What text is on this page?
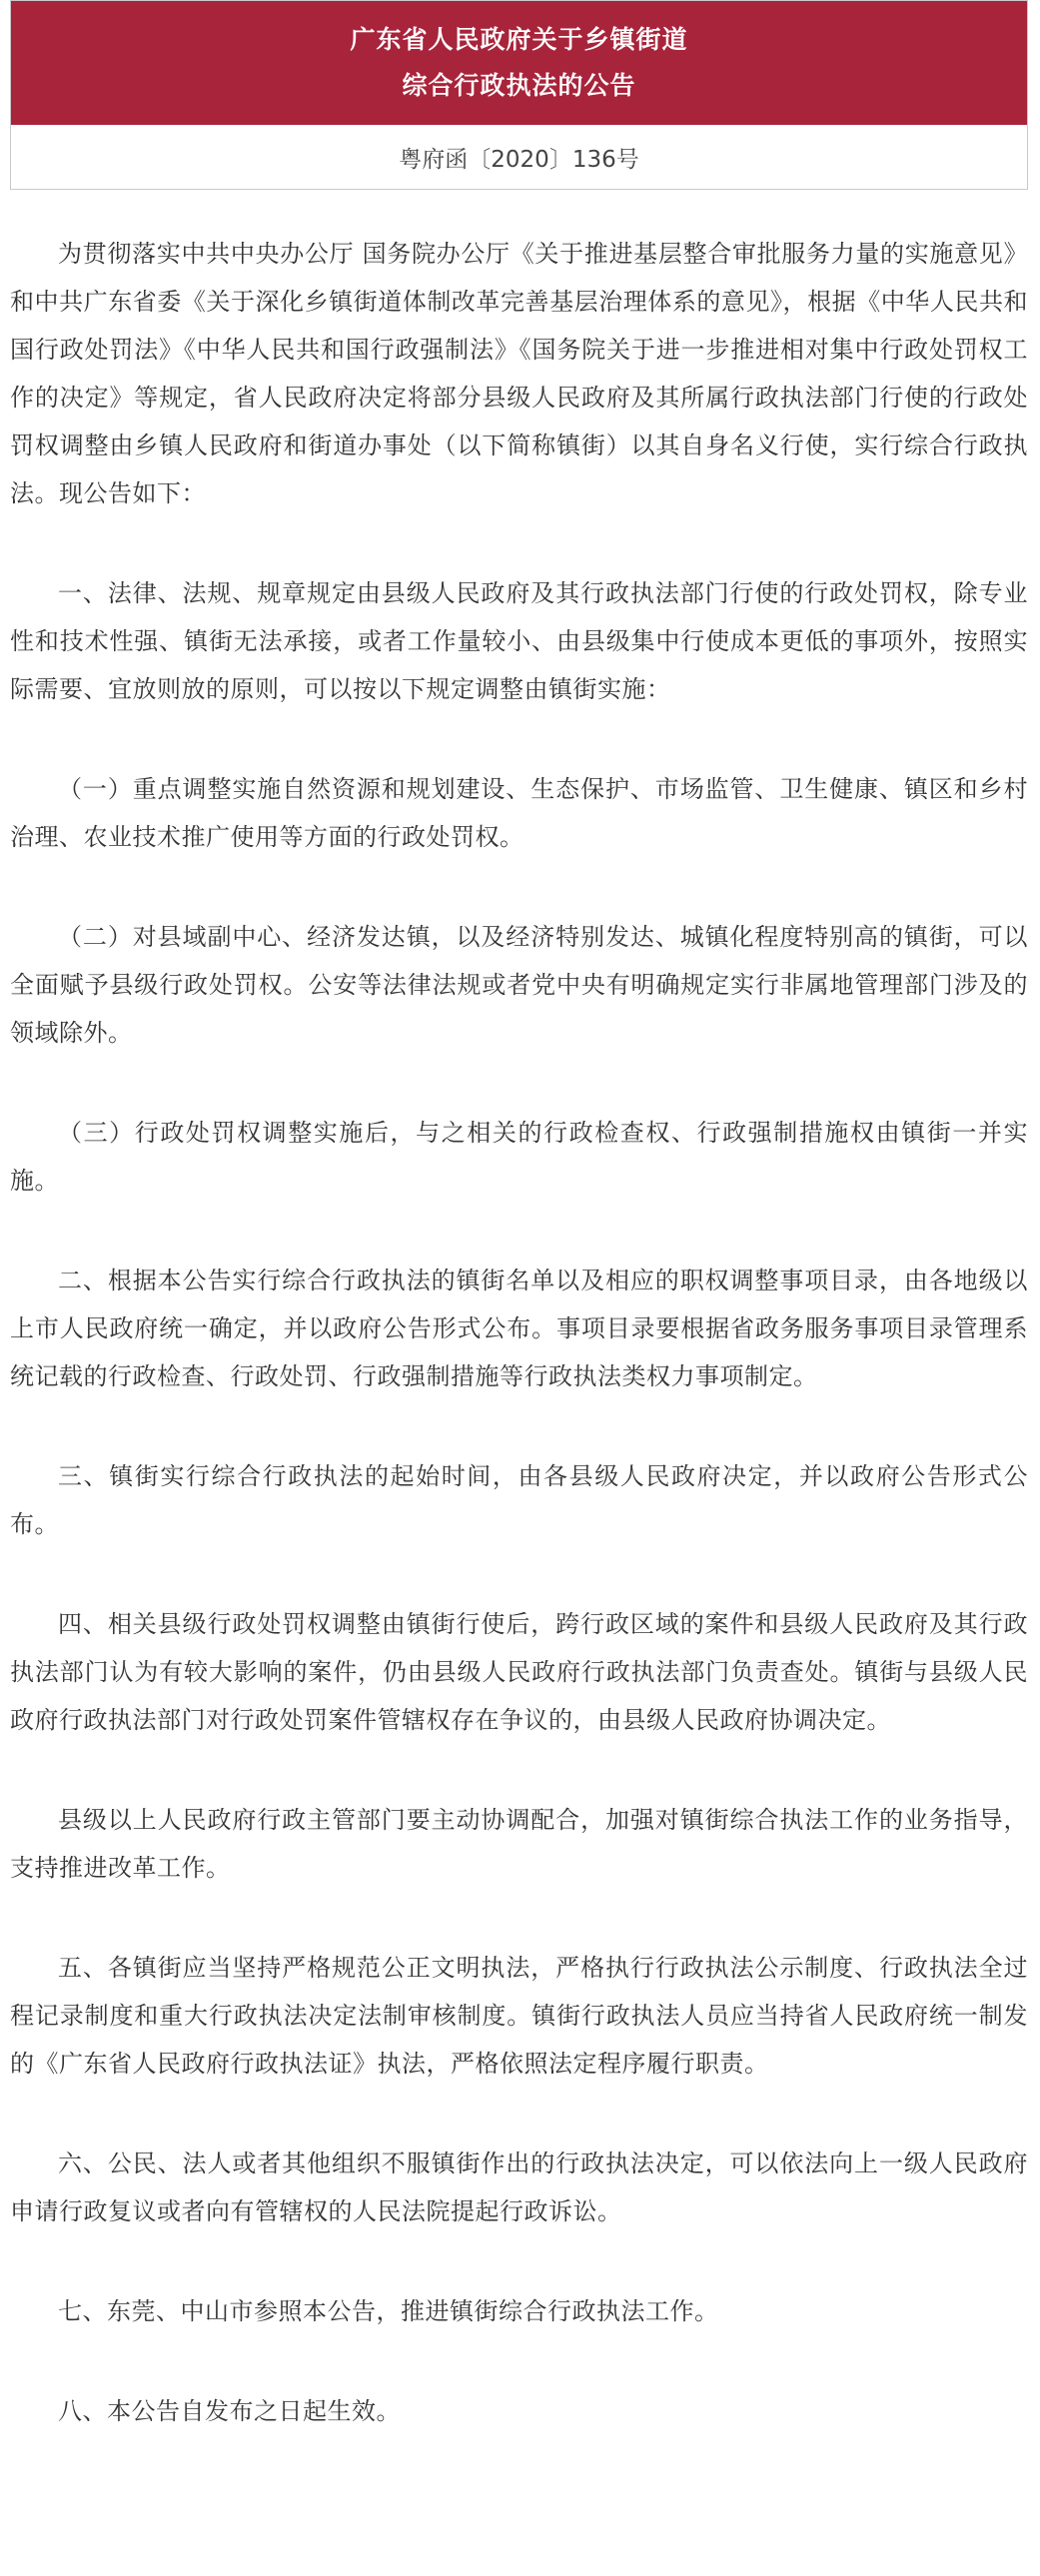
广东省人民政府关于乡镇街道
综合行政执法的公告
粤府函〔2020〕136号

为贯彻落实中共中央办公厅 国务院办公厅《关于推进基层整合审批服务力量的实施意见》和中共广东省委《关于深化乡镇街道体制改革完善基层治理体系的意见》，根据《中华人民共和国行政处罚法》《中华人民共和国行政强制法》《国务院关于进一步推进相对集中行政处罚权工作的决定》等规定，省人民政府决定将部分县级人民政府及其所属行政执法部门行使的行政处罚权调整由乡镇人民政府和街道办事处（以下简称镇街）以其自身名义行使，实行综合行政执法。现公告如下：

一、法律、法规、规章规定由县级人民政府及其行政执法部门行使的行政处罚权，除专业性和技术性强、镇街无法承接，或者工作量较小、由县级集中行使成本更低的事项外，按照实际需要、宜放则放的原则，可以按以下规定调整由镇街实施：

（一）重点调整实施自然资源和规划建设、生态保护、市场监管、卫生健康、镇区和乡村治理、农业技术推广使用等方面的行政处罚权。

（二）对县域副中心、经济发达镇，以及经济特别发达、城镇化程度特别高的镇街，可以全面赋予县级行政处罚权。公安等法律法规或者党中央有明确规定实行非属地管理部门涉及的领域除外。

（三）行政处罚权调整实施后，与之相关的行政检查权、行政强制措施权由镇街一并实施。

二、根据本公告实行综合行政执法的镇街名单以及相应的职权调整事项目录，由各地级以上市人民政府统一确定，并以政府公告形式公布。事项目录要根据省政务服务事项目录管理系统记载的行政检查、行政处罚、行政强制措施等行政执法类权力事项制定。

三、镇街实行综合行政执法的起始时间，由各县级人民政府决定，并以政府公告形式公布。

四、相关县级行政处罚权调整由镇街行使后，跨行政区域的案件和县级人民政府及其行政执法部门认为有较大影响的案件，仍由县级人民政府行政执法部门负责查处。镇街与县级人民政府行政执法部门对行政处罚案件管辖权存在争议的，由县级人民政府协调决定。

县级以上人民政府行政主管部门要主动协调配合，加强对镇街综合执法工作的业务指导，支持推进改革工作。

五、各镇街应当坚持严格规范公正文明执法，严格执行行政执法公示制度、行政执法全过程记录制度和重大行政执法决定法制审核制度。镇街行政执法人员应当持省人民政府统一制发的《广东省人民政府行政执法证》执法，严格依照法定程序履行职责。

六、公民、法人或者其他组织不服镇街作出的行政执法决定，可以依法向上一级人民政府申请行政复议或者向有管辖权的人民法院提起行政诉讼。

七、东莞、中山市参照本公告，推进镇街综合行政执法工作。

八、本公告自发布之日起生效。
